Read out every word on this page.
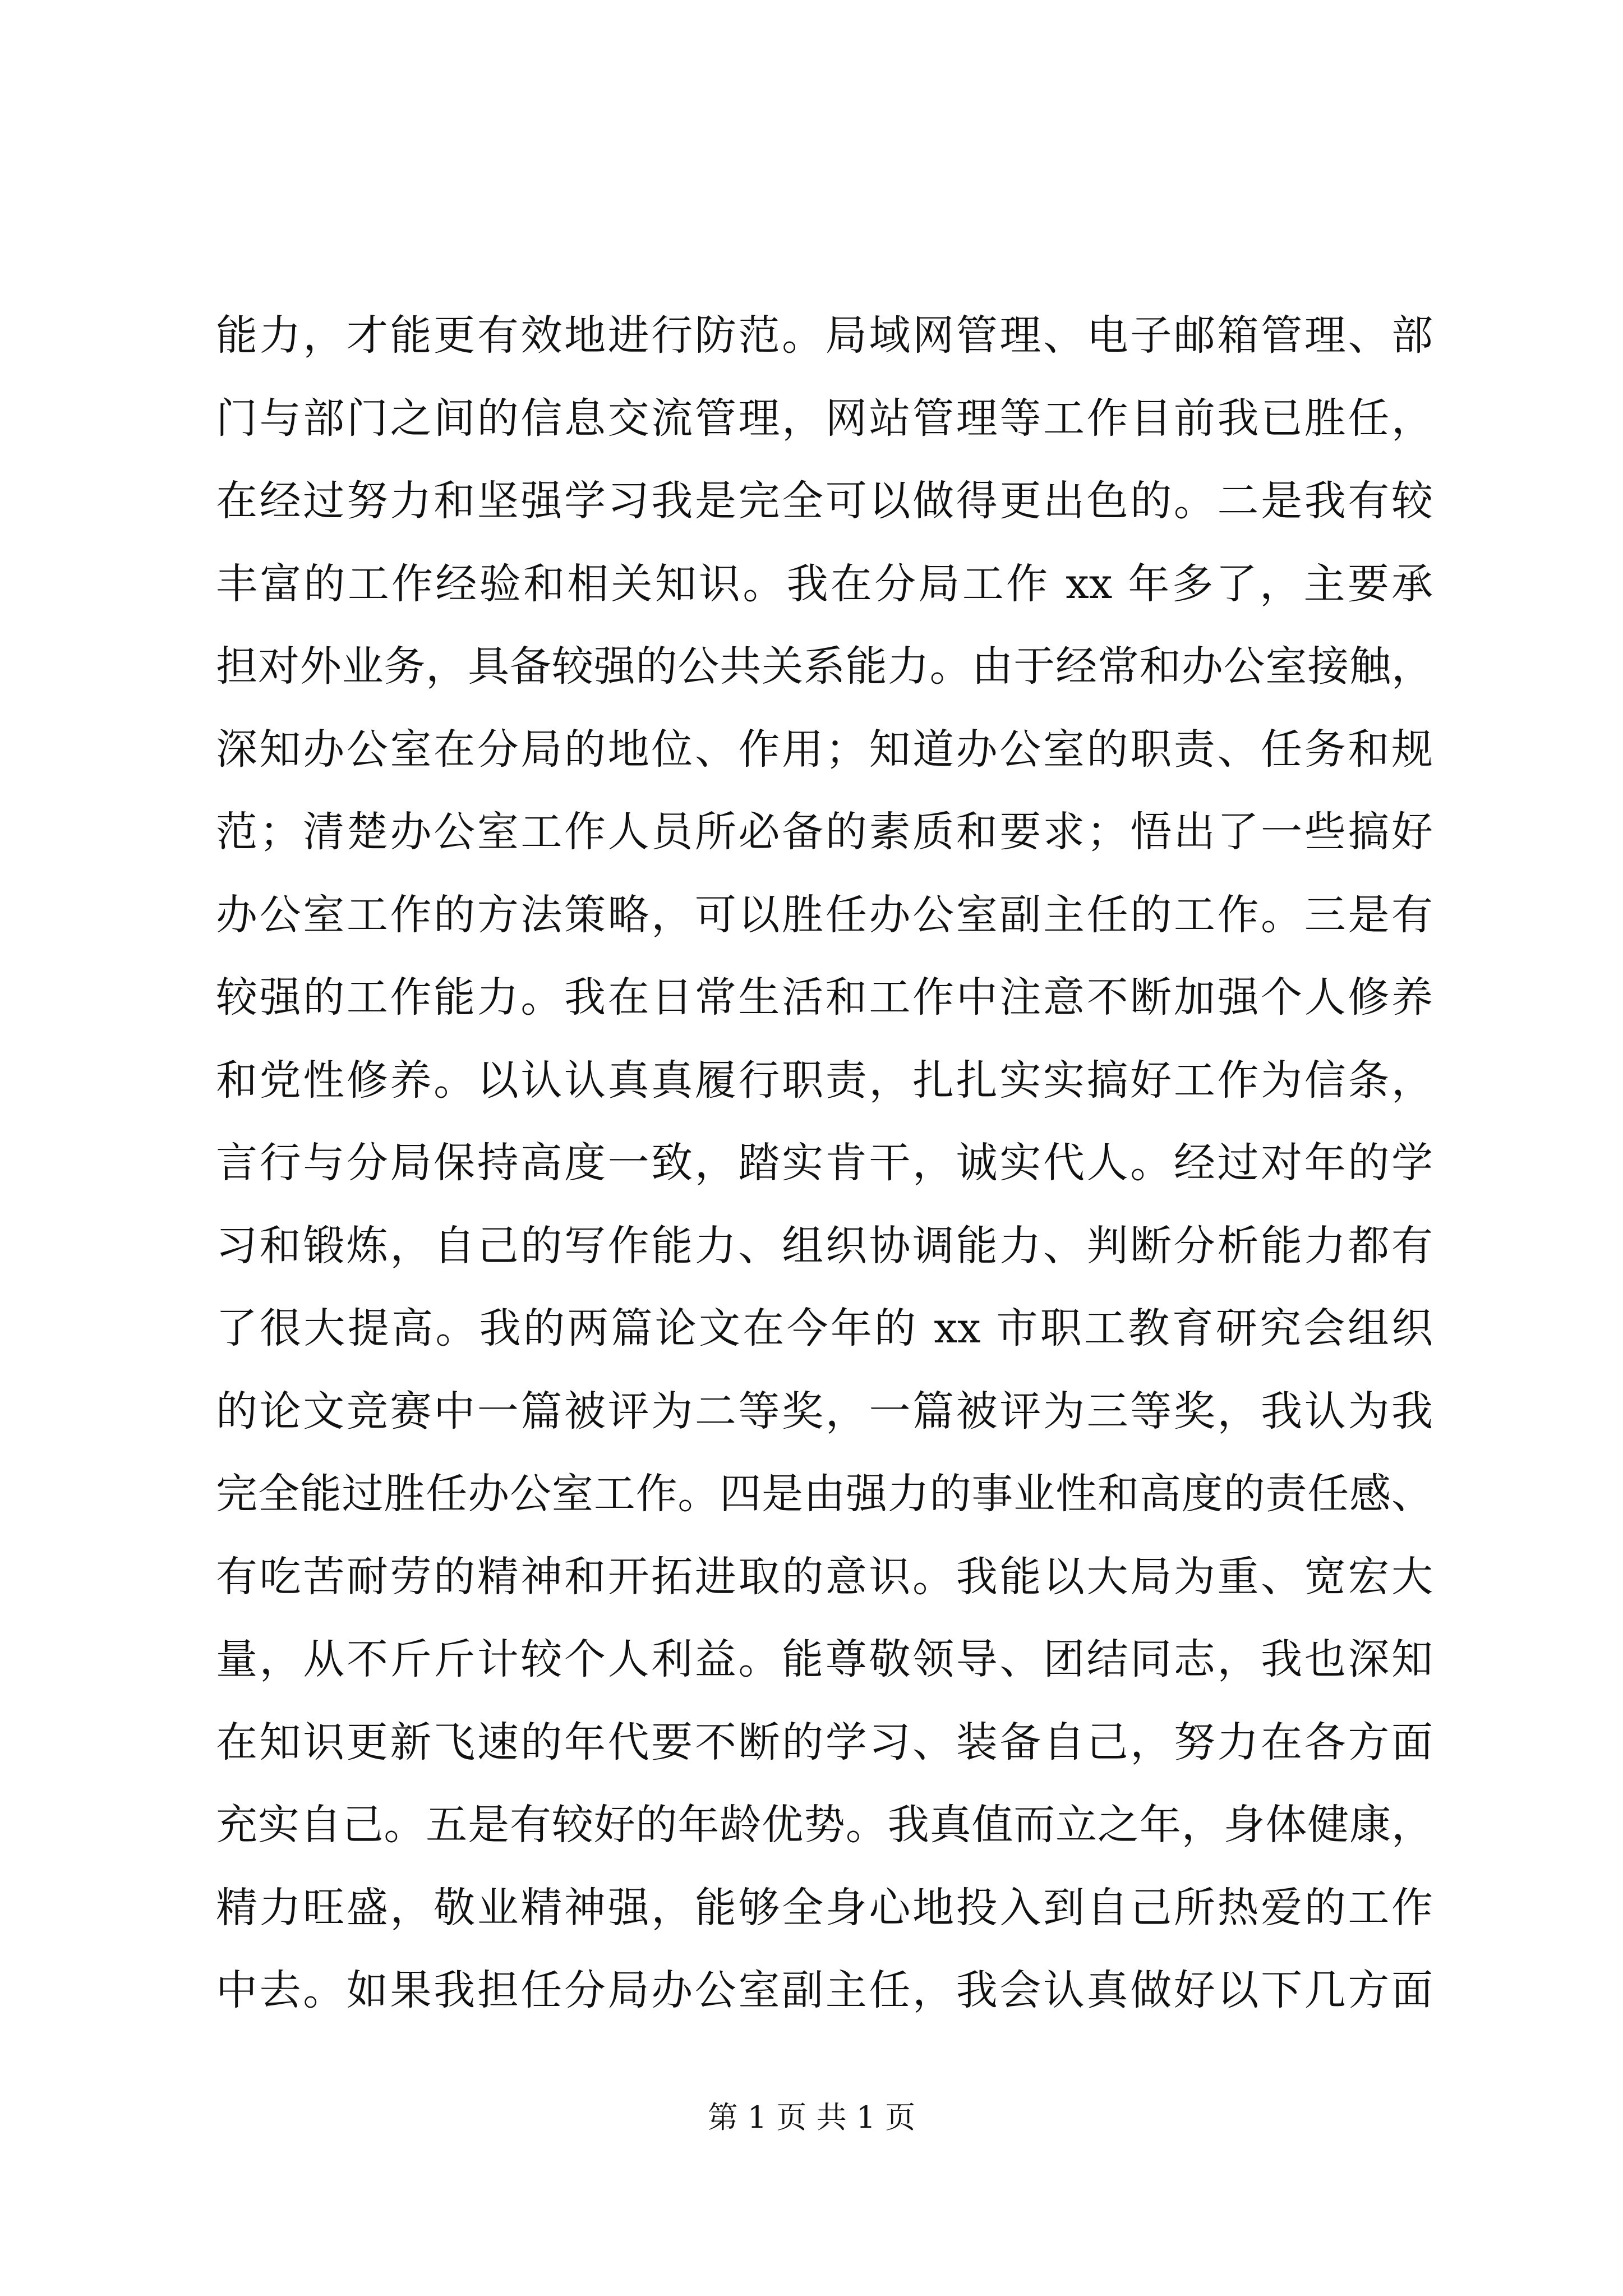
能力，才能更有效地进行防范。局域网管理、电子邮箱管理、部
门与部门之间的信息交流管理，网站管理等工作目前我已胜任，
在经过努力和坚强学习我是完全可以做得更出色的。二是我有较
丰富的工作经验和相关知识。我在分局工作 xx 年多了，主要承
担对外业务，具备较强的公共关系能力。由于经常和办公室接触，
深知办公室在分局的地位、作用；知道办公室的职责、任务和规
范；清楚办公室工作人员所必备的素质和要求；悟出了一些搞好
办公室工作的方法策略，可以胜任办公室副主任的工作。三是有
较强的工作能力。我在日常生活和工作中注意不断加强个人修养
和党性修养。以认认真真履行职责，扎扎实实搞好工作为信条，
言行与分局保持高度一致，踏实肯干，诚实代人。经过对年的学
习和锻炼，自己的写作能力、组织协调能力、判断分析能力都有
了很大提高。我的两篇论文在今年的 xx 市职工教育研究会组织
的论文竞赛中一篇被评为二等奖，一篇被评为三等奖，我认为我
完全能过胜任办公室工作。四是由强力的事业性和高度的责任感、
有吃苦耐劳的精神和开拓进取的意识。我能以大局为重、宽宏大
量，从不斤斤计较个人利益。能尊敬领导、团结同志，我也深知
在知识更新飞速的年代要不断的学习、装备自己，努力在各方面
充实自己。五是有较好的年龄优势。我真值而立之年，身体健康，
精力旺盛，敬业精神强，能够全身心地投入到自己所热爱的工作
中去。如果我担任分局办公室副主任，我会认真做好以下几方面
第 1 页 共 1 页
